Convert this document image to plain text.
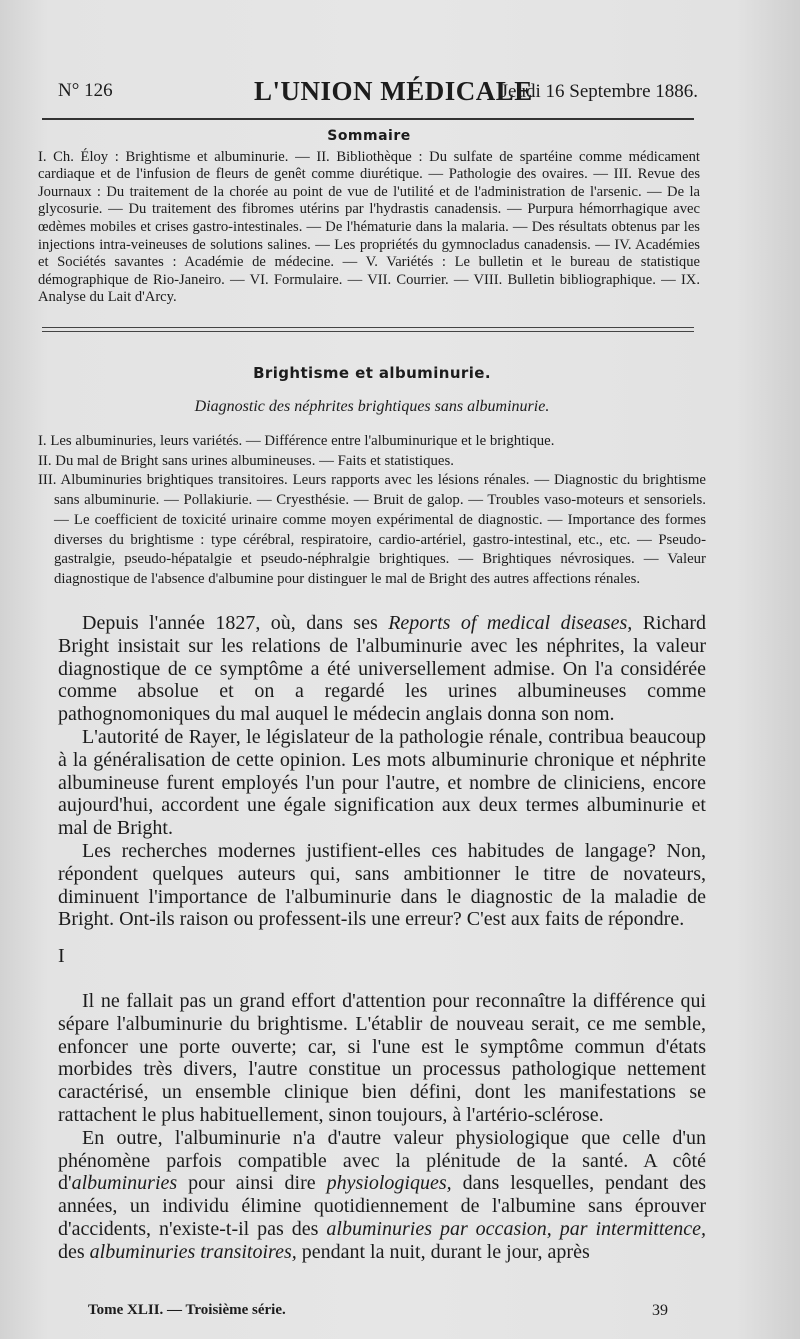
N° 126	L'UNION MÉDICALE
Jeudi 16 Septembre 1886.
Sommaire

I. Ch. Éloy : Brightisme et albuminurie. — II. Bibliothèque : Du sulfate de spartéine comme médicament cardiaque et de l'infusion de fleurs de genêt comme diurétique. — Pathologie des ovaires. — III. Revue des Journaux : Du traitement de la chorée au point de vue de l'utilité et de l'administration de l'arsenic. — De la glycosurie. — Du traitement des fibromes utérins par l'hydrastis canadensis. — Purpura hémorrhagique avec œdèmes mobiles et crises gastro-intestinales. — De l'hématurie dans la malaria. — Des résultats obtenus par les injections intra-veineuses de solutions salines. — Les propriétés du gymnocladus canadensis. — IV. Académies et Sociétés savantes : Académie de médecine. — V. Variétés : Le bulletin et le bureau de statistique démographique de Rio-Janeiro. — VI. Formulaire. — VII. Courrier. — VIII. Bulletin bibliographique. — IX. Analyse du Lait d'Arcy.

Brightisme et albuminurie.
Diagnostic des néphrites brightiques sans albuminurie.
I. Les albuminuries, leurs variétés. — Différence entre l'albuminurique et le brightique.
II. Du mal de Bright sans urines albumineuses. — Faits et statistiques.
III. Albuminuries brightiques transitoires. Leurs rapports avec les lésions rénales. — Diagnostic du brightisme sans albuminurie. — Pollakiurie. — Cryesthésie. — Bruit de galop. — Troubles vaso-moteurs et sensoriels. — Le coefficient de toxicité urinaire comme moyen expérimental de diagnostic. — Importance des formes diverses du brightisme : type cérébral, respiratoire, cardio-artériel, gastro-intestinal, etc., etc. — Pseudo-gastralgie, pseudo-hépatalgie et pseudo-néphralgie brightiques. — Brightiques névrosiques. — Valeur diagnostique de l'absence d'albumine pour distinguer le mal de Bright des autres affections rénales.

Depuis l'année 1827, où, dans ses Reports of medical diseases, Richard Bright insistait sur les relations de l'albuminurie avec les néphrites, la valeur diagnostique de ce symptôme a été universellement admise. On l'a considérée comme absolue et on a regardé les urines albumineuses comme pathognomoniques du mal auquel le médecin anglais donna son nom.

L'autorité de Rayer, le législateur de la pathologie rénale, contribua beaucoup à la généralisation de cette opinion. Les mots albuminurie chronique et néphrite albumineuse furent employés l'un pour l'autre, et nombre de cliniciens, encore aujourd'hui, accordent une égale signification aux deux termes albuminurie et mal de Bright.

Les recherches modernes justifient-elles ces habitudes de langage? Non, répondent quelques auteurs qui, sans ambitionner le titre de novateurs, diminuent l'importance de l'albuminurie dans le diagnostic de la maladie de Bright. Ont-ils raison ou professent-ils une erreur? C'est aux faits de répondre.

I

Il ne fallait pas un grand effort d'attention pour reconnaître la différence qui sépare l'albuminurie du brightisme. L'établir de nouveau serait, ce me semble, enfoncer une porte ouverte; car, si l'une est le symptôme commun d'états morbides très divers, l'autre constitue un processus pathologique nettement caractérisé, un ensemble clinique bien défini, dont les manifestations se rattachent le plus habituellement, sinon toujours, à l'artério-sclérose.

En outre, l'albuminurie n'a d'autre valeur physiologique que celle d'un phénomène parfois compatible avec la plénitude de la santé. A côté d'albuminuries pour ainsi dire physiologiques, dans lesquelles, pendant des années, un individu élimine quotidiennement de l'albumine sans éprouver d'accidents, n'existe-t-il pas des albuminuries par occasion, par intermittence, des albuminuries transitoires, pendant la nuit, durant le jour, après

Tome XLII. — Troisième série.	39
